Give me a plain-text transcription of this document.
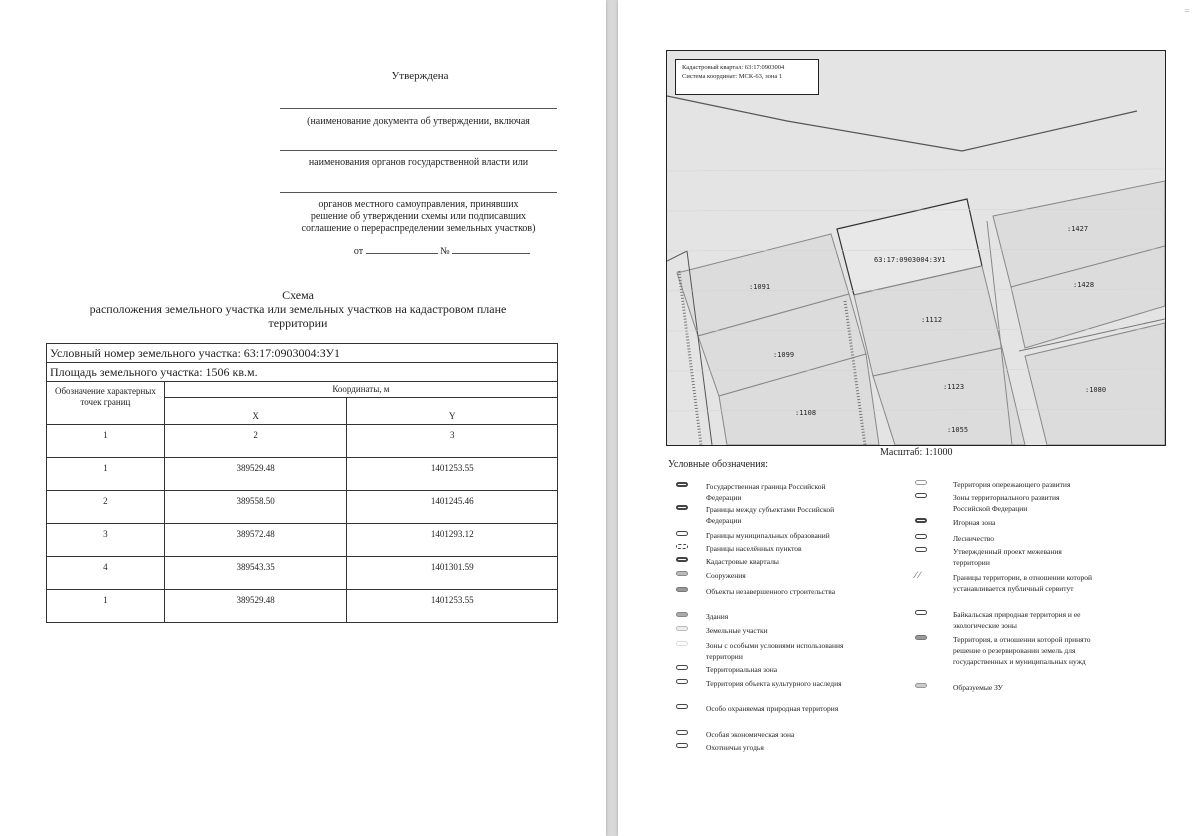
Утверждена
(наименование документа об утверждении, включая
наименования органов государственной власти или
органов местного самоуправления, принявших
решение об утверждении схемы или подписавших
соглашение о перераспределении земельных участков)
от	№
Схема
расположения земельного участка или земельных участков на кадастровом плане
территории
Условный номер земельного участка: 63:17:0903004:ЗУ1		
Площадь земельного участка: 1506 кв.м.		
Обозначение характерных точек границ	Координаты, м	
	X	Y
1	2	3
1	389529.48	1401253.55
2	389558.50	1401245.46
3	389572.48	1401293.12
4	389543.35	1401301.59
1	389529.48	1401253.55
=
Кадастровый квартал: 63:17:0903004
Система координат: МСК-63, зона 1
63:17:0903004:ЗУ1
:1091
:1099
:1108
:1112
:1123
:1055
:1427
:1428
:1080
Масштаб: 1:1000
Условные обозначения:
Государственная граница Российской Федерации
Границы между субъектами Российской Федерации
Границы муниципальных образований
Границы населённых пунктов
Кадастровые кварталы
Сооружения
Объекты незавершенного строительства
Здания
Земельные участки
Зоны с особыми условиями использования территории
Территориальная зона
Территория объекта культурного наследия
Особо охраняемая природная территория
Особая экономическая зона
Охотничьи угодья
Территория опережающего развития
Зоны территориального развития Российской Федерации
Игорная зона
Лесничество
Утвержденный проект межевания территории
⁄ ⁄	Границы территории, в отношении которой устанавливается публичный сервитут
Байкальская природная территория и ее экологические зоны
Территория, в отношении которой принято решение о резервировании земель для государственных и муниципальных нужд
Образуемые ЗУ
